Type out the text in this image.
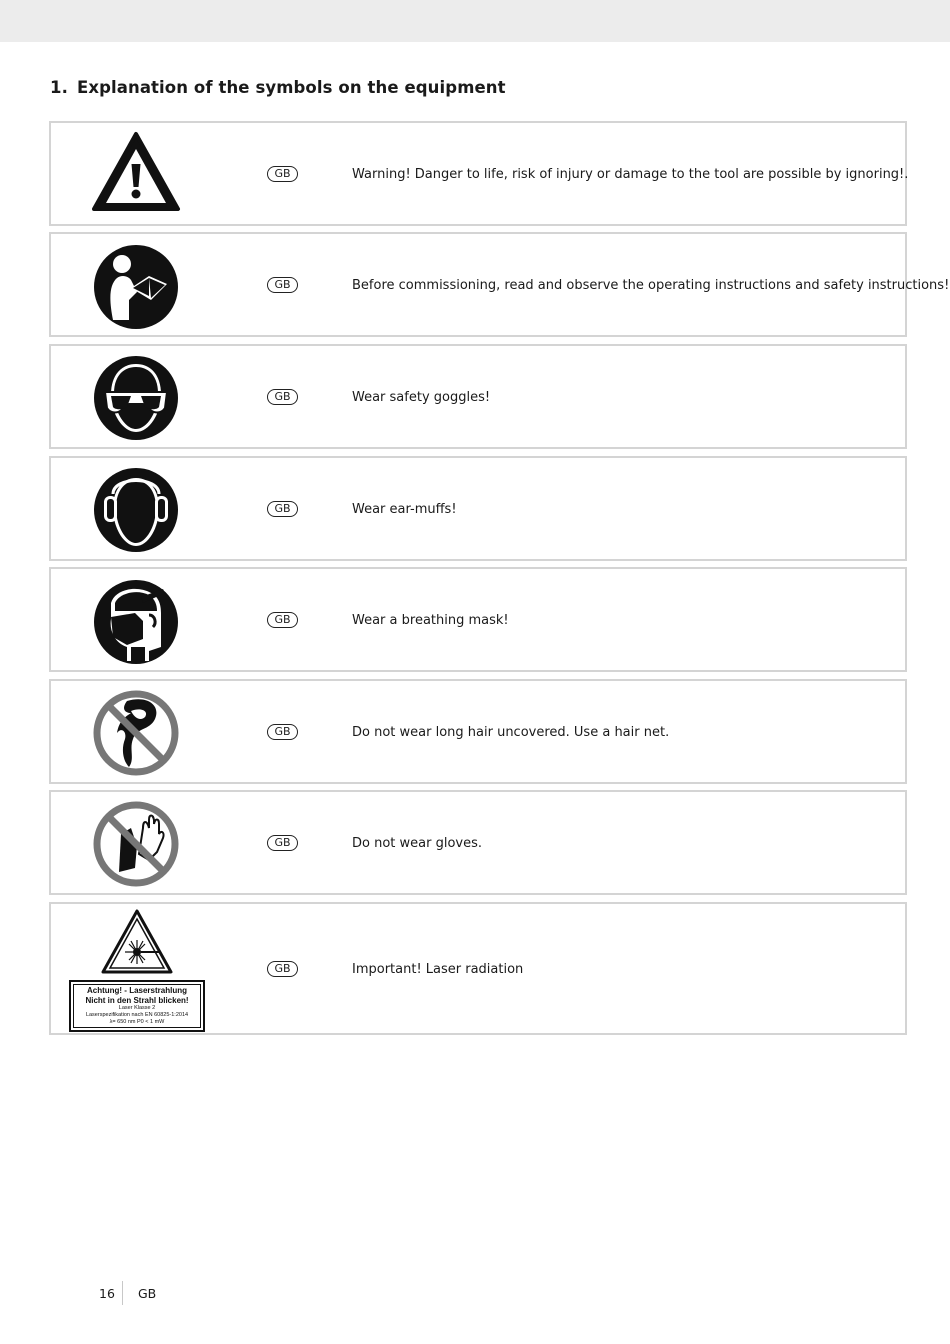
1. Explanation of the symbols on the equipment
GB	Warning! Danger to life, risk of injury or damage to the tool are possible by ignoring!.
GB	Before commissioning, read and observe the operating instructions and safety instructions!
GB	Wear safety goggles!
GB	Wear ear-muffs!
GB	Wear a breathing mask!
GB	Do not wear long hair uncovered. Use a hair net.
GB	Do not wear gloves.
Achtung! - Laserstrahlung
Nicht in den Strahl blicken!
Laser Klasse 2
Laserspezifikation nach EN 60825-1:2014
λ= 650 nm P0 < 1 mW
GB	Important! Laser radiation
16 GB
